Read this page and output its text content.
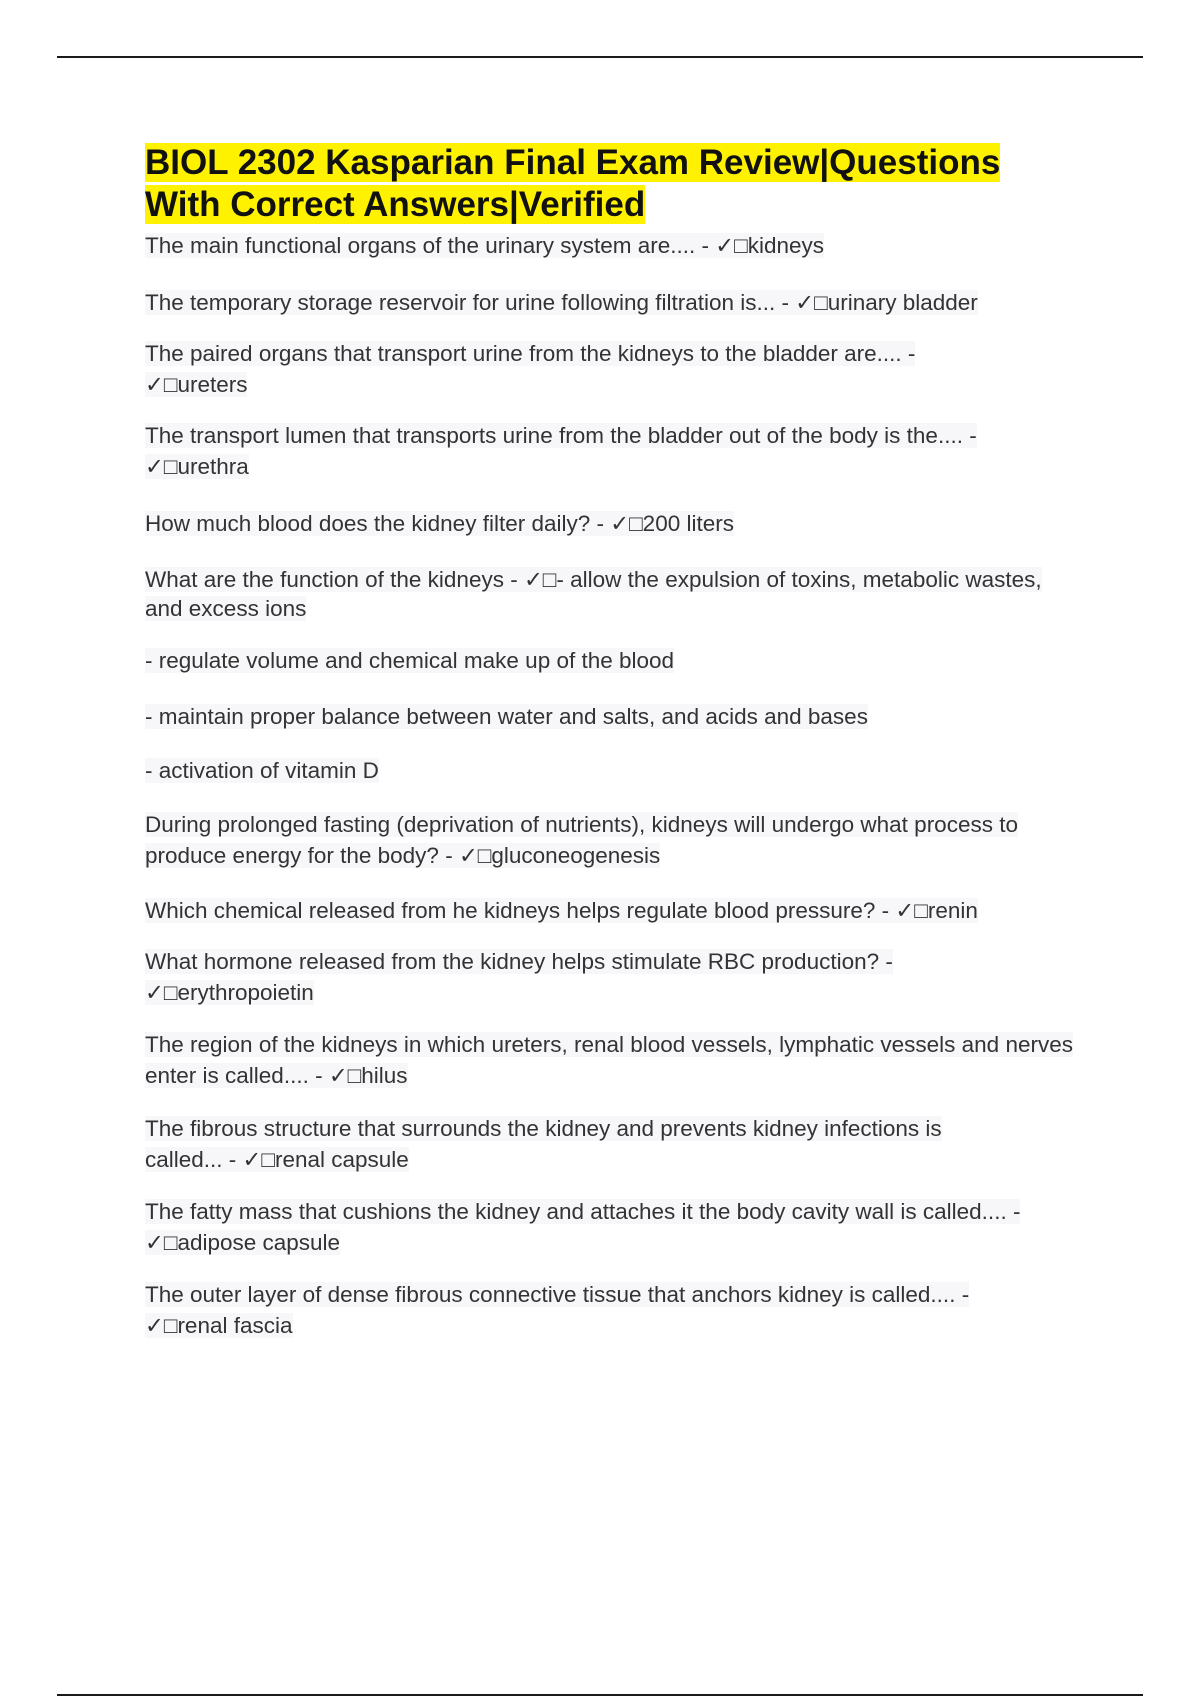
BIOL 2302 Kasparian Final Exam Review|Questions With Correct Answers|Verified

The main functional organs of the urinary system are.... - ✓□kidneys

The temporary storage reservoir for urine following filtration is... - ✓□urinary bladder

The paired organs that transport urine from the kidneys to the bladder are.... - ✓□ureters

The transport lumen that transports urine from the bladder out of the body is the.... - ✓□urethra

How much blood does the kidney filter daily? - ✓□200 liters

What are the function of the kidneys - ✓□- allow the expulsion of toxins, metabolic wastes, and excess ions

- regulate volume and chemical make up of the blood

- maintain proper balance between water and salts, and acids and bases

- activation of vitamin D

During prolonged fasting (deprivation of nutrients), kidneys will undergo what process to produce energy for the body? - ✓□gluconeogenesis

Which chemical released from he kidneys helps regulate blood pressure? - ✓□renin

What hormone released from the kidney helps stimulate RBC production? - ✓□erythropoietin

The region of the kidneys in which ureters, renal blood vessels, lymphatic vessels and nerves enter is called.... - ✓□hilus

The fibrous structure that surrounds the kidney and prevents kidney infections is called... - ✓□renal capsule

The fatty mass that cushions the kidney and attaches it the body cavity wall is called.... - ✓□adipose capsule

The outer layer of dense fibrous connective tissue that anchors kidney is called.... - ✓□renal fascia
